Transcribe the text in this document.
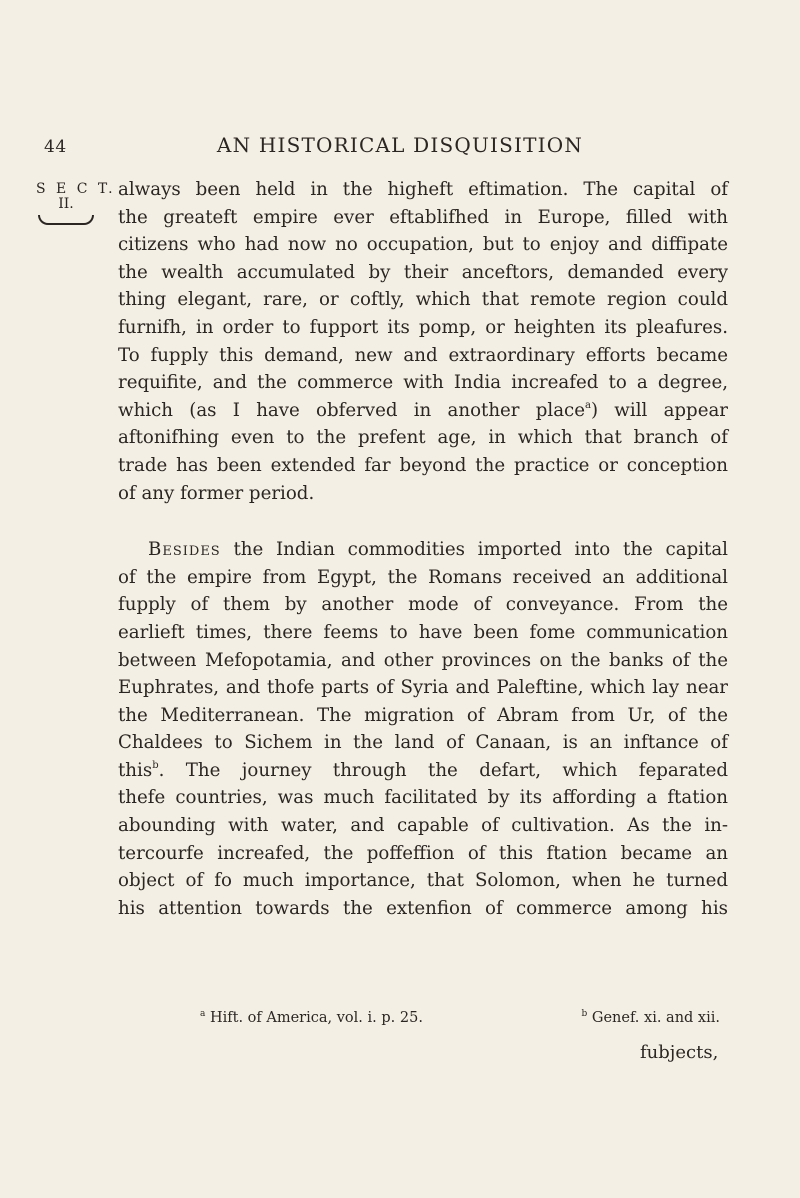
44	AN HISTORICAL DISQUISITION
S E C T.
II.
always been held in the higheft eftimation. The capital of
the greateft empire ever eftablifhed in Europe, filled with
citizens who had now no occupation, but to enjoy and diffipate
the wealth accumulated by their anceftors, demanded every
thing elegant, rare, or coftly, which that remote region could
furnifh, in order to fupport its pomp, or heighten its pleafures.
To fupply this demand, new and extraordinary efforts became
requifite, and the commerce with India increafed to a degree,
which (as I have obferved in another place$^a$) will appear
aftonifhing even to the prefent age, in which that branch of
trade has been extended far beyond the practice or conception
of any former period.
Besides the Indian commodities imported into the capital
of the empire from Egypt, the Romans received an additional
fupply of them by another mode of conveyance. From the
earlieft times, there feems to have been fome communication
between Mefopotamia, and other provinces on the banks of the
Euphrates, and thofe parts of Syria and Paleftine, which lay near
the Mediterranean. The migration of Abram from Ur, of the
Chaldees to Sichem in the land of Canaan, is an inftance of
this$^b$. The journey through the defart, which feparated
thefe countries, was much facilitated by its affording a ftation
abounding with water, and capable of cultivation. As the in-
tercourfe increafed, the poffeffion of this ftation became an
object of fo much importance, that Solomon, when he turned
his attention towards the extenfion of commerce among his
$^a$ Hift. of America, vol. i. p. 25.	$^b$ Genef. xi. and xii.
fubjects,
